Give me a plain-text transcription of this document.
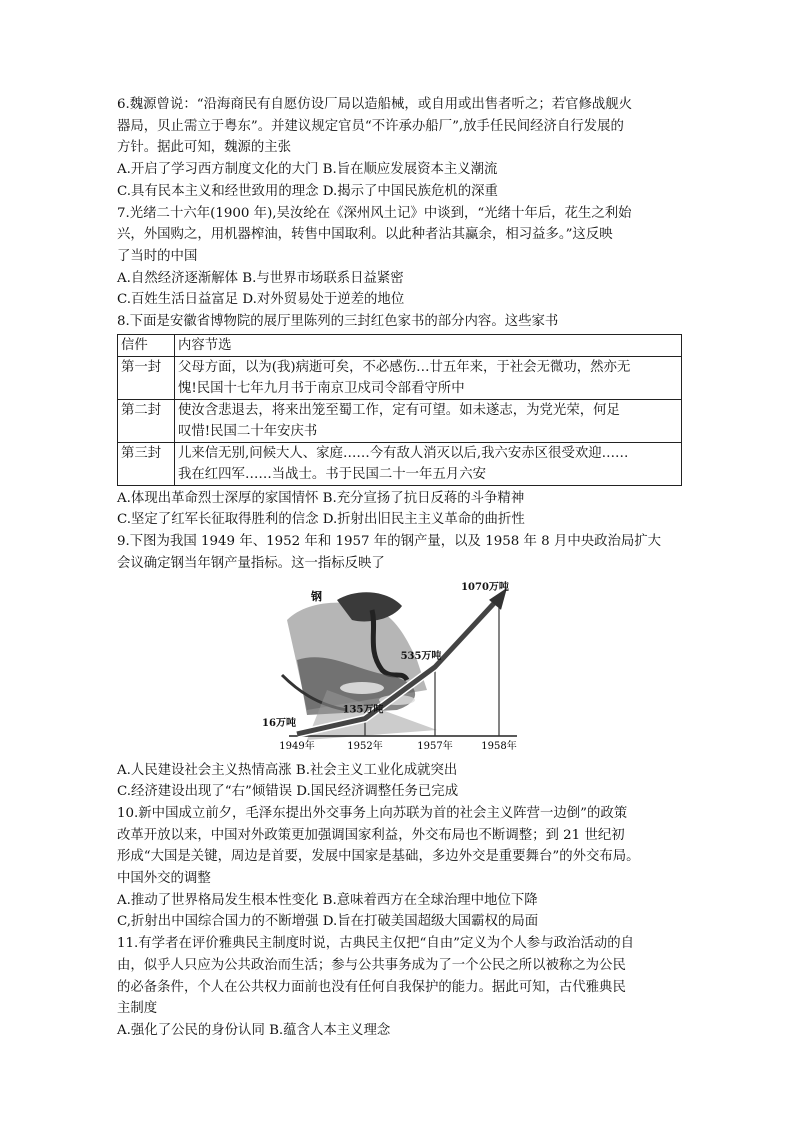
6.魏源曾说：“沿海商民有自愿仿设厂局以造船械，或自用或出售者听之；若官修战舰火
器局，贝止需立于粤东”。并建议规定官员“不许承办船厂”,放手任民间经济自行发展的
方针。据此可知，魏源的主张
A.开启了学习西方制度文化的大门 B.旨在顺应发展资本主义潮流
C.具有民本主义和经世致用的理念 D.揭示了中国民族危机的深重
7.光绪二十六年(1900 年),吴汝纶在《深州风土记》中谈到，“光绪十年后，花生之利始
兴，外国购之，用机器榨油，转售中国取利。以此种者沾其赢余，相习益多。”这反映
了当时的中国
A.自然经济逐渐解体 B.与世界市场联系日益紧密
C.百姓生活日益富足 D.对外贸易处于逆差的地位
8.下面是安徽省博物院的展厅里陈列的三封红色家书的部分内容。这些家书
信件	内容节选
第一封	父母方面，以为(我)病逝可矣，不必感伤…廿五年来，于社会无微功，然亦无
愧!民国十七年九月书于南京卫戍司令部看守所中

第二封	使汝含悲退去，将来出笼至蜀工作，定有可望。如未遂志，为党光荣，何足
叹惜!民国二十年安庆书

第三封	儿来信无别,问候大人、家庭……今有敌人消灭以后,我六安赤区很受欢迎……
我在红四军……当战士。书于民国二十一年五月六安
A.体现出革命烈士深厚的家国情怀 B.充分宣扬了抗日反蒋的斗争精神
C.坚定了红军长征取得胜利的信念 D.折射出旧民主主义革命的曲折性
9.下图为我国 1949 年、1952 年和 1957 年的钢产量，以及 1958 年 8 月中央政治局扩大
会议确定钢当年钢产量指标。这一指标反映了
钢
1949年	1952年	1957年	1958年
16万吨
135万吨
535万吨
1070万吨
A.人民建设社会主义热情高涨 B.社会主义工业化成就突出
C.经济建设出现了“右”倾错误 D.国民经济调整任务已完成
10.新中国成立前夕，毛泽东提出外交事务上向苏联为首的社会主义阵营一边倒”的政策
改革开放以来，中国对外政策更加强调国家利益，外交布局也不断调整；到 21 世纪初
形成“大国是关键，周边是首要，发展中国家是基础，多边外交是重要舞台”的外交布局。
中国外交的调整
A.推动了世界格局发生根本性变化 B.意味着西方在全球治理中地位下降
C,折射出中国综合国力的不断增强 D.旨在打破美国超级大国霸权的局面
11.有学者在评价雅典民主制度时说，古典民主仅把“自由”定义为个人参与政治活动的自
由，似乎人只应为公共政治而生活；参与公共事务成为了一个公民之所以被称之为公民
的必备条件，个人在公共权力面前也没有任何自我保护的能力。据此可知，古代雅典民
主制度
A.强化了公民的身份认同 B.蕴含人本主义理念
